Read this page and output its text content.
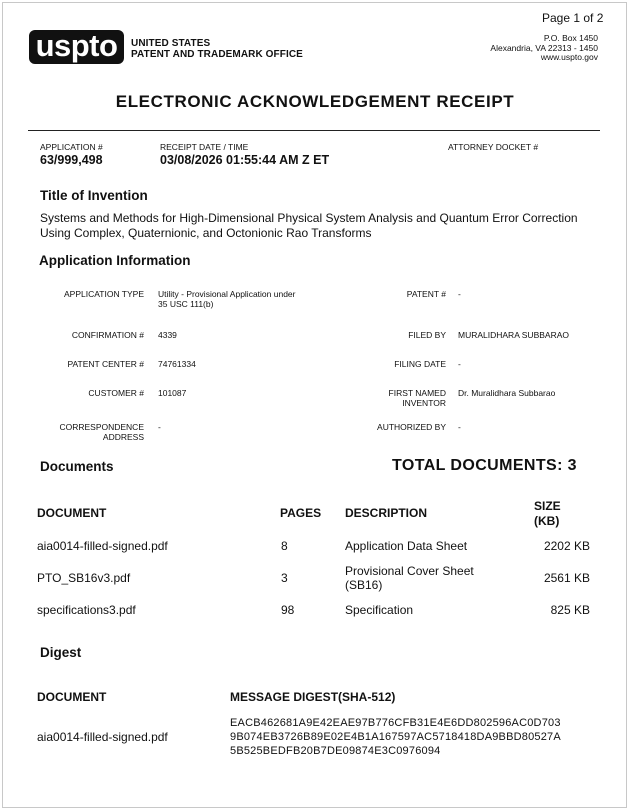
Page 1 of 2
uspto	UNITED STATES
PATENT AND TRADEMARK OFFICE
P.O. Box 1450
Alexandria, VA 22313 - 1450
www.uspto.gov
ELECTRONIC ACKNOWLEDGEMENT RECEIPT
APPLICATION #
63/999,498
RECEIPT DATE / TIME
03/08/2026 01:55:44 AM Z ET
ATTORNEY DOCKET #
Title of Invention
Systems and Methods for High-Dimensional Physical System Analysis and Quantum Error Correction
Using Complex, Quaternionic, and Octonionic Rao Transforms
Application Information
APPLICATION TYPE Utility - Provisional Application under
35 USC 111(b)
PATENT # -
CONFIRMATION # 4339	FILED BY MURALIDHARA SUBBARAO
PATENT CENTER # 74761334	FILING DATE -
CUSTOMER # 101087	FIRST NAMED
INVENTOR
Dr. Muralidhara Subbarao
CORRESPONDENCE
ADDRESS
-	AUTHORIZED BY -
Documents	TOTAL DOCUMENTS: 3
DOCUMENT	PAGES DESCRIPTION	SIZE
(KB)
aia0014-filled-signed.pdf	8	Application Data Sheet	2202 KB
PTO_SB16v3.pdf	3	Provisional Cover Sheet
(SB16)	2561 KB
specifications3.pdf	98	Specification	825 KB
Digest
DOCUMENT	MESSAGE DIGEST(SHA-512)
aia0014-filled-signed.pdf
EACB462681A9E42EAE97B776CFB31E4E6DD802596AC0D703
9B074EB3726B89E02E4B1A167597AC5718418DA9BBD80527A
5B525BEDFB20B7DE09874E3C0976094
